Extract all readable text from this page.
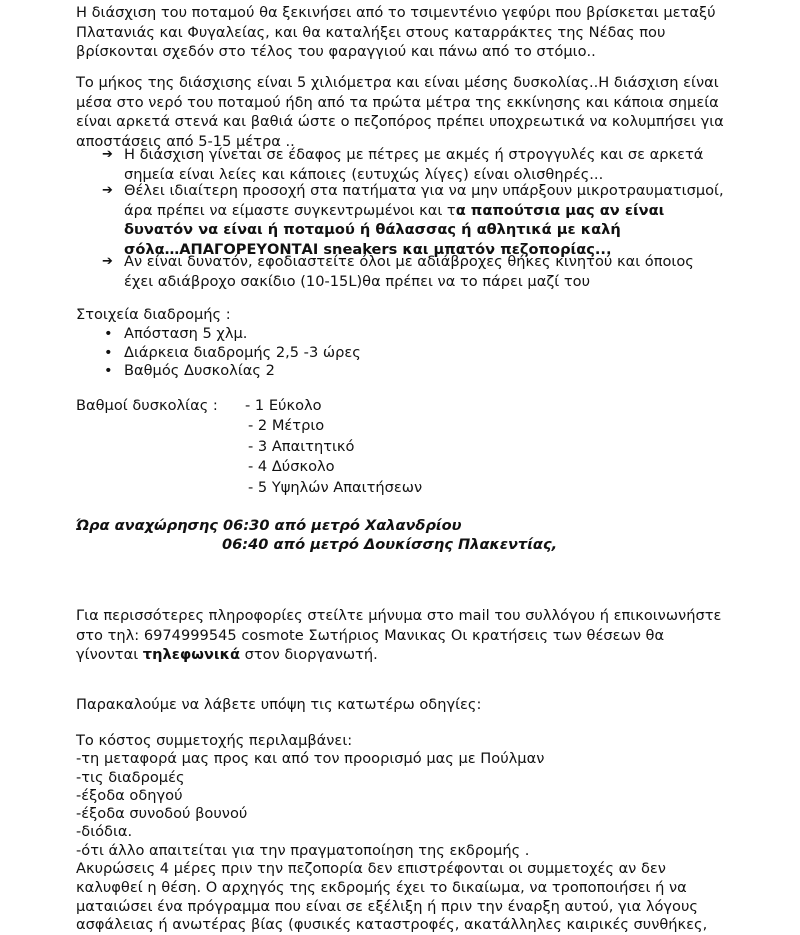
Η διάσχιση του ποταμού θα ξεκινήσει από το τσιμεντένιο γεφύρι που βρίσκεται μεταξύ
Πλατανιάς και Φυγαλείας, και θα καταλήξει στους καταρράκτες της Νέδας που
βρίσκονται σχεδόν στο τέλος του φαραγγιού και πάνω από το στόμιο..
Το μήκος της διάσχισης είναι 5 χιλιόμετρα και είναι μέσης δυσκολίας..Η διάσχιση είναι
μέσα στο νερό του ποταμού ήδη από τα πρώτα μέτρα της εκκίνησης και κάποια σημεία
είναι αρκετά στενά και βαθιά ώστε ο πεζοπόρος πρέπει υποχρεωτικά να κολυμπήσει για
αποστάσεις από 5-15 μέτρα ..
➔ Η διάσχιση γίνεται σε έδαφος με πέτρες με ακμές ή στρογγυλές και σε αρκετά
σημεία είναι λείες και κάποιες (ευτυχώς λίγες) είναι ολισθηρές...
➔ Θέλει ιδιαίτερη προσοχή στα πατήματα για να μην υπάρξουν μικροτραυματισμοί,
άρα πρέπει να είμαστε συγκεντρωμένοι και τα παπούτσια μας αν είναι
δυνατόν να είναι ή ποταμού ή θάλασσας ή αθλητικά με καλή
σόλα…ΑΠΑΓΟΡΕΥΟΝΤΑΙ sneakers και μπατόν πεζοπορίας...
➔ Αν είναι δυνατόν, εφοδιαστείτε όλοι με αδιάβροχες θήκες κινητού και όποιος
έχει αδιάβροχο σακίδιο (10-15L)θα πρέπει να το πάρει μαζί του
Στοιχεία διαδρομής :
• Απόσταση 5 χλμ.
• Διάρκεια διαδρομής 2,5 -3 ώρες
• Βαθμός Δυσκολίας 2
Βαθμοί δυσκολίας :	- 1 Εύκολο
- 2 Μέτριο
- 3 Απαιτητικό
- 4 Δύσκολο
- 5 Υψηλών Απαιτήσεων
Ώρα αναχώρησης 06:30 από μετρό Χαλανδρίου
06:40 από μετρό Δουκίσσης Πλακεντίας,
Για περισσότερες πληροφορίες στείλτε μήνυμα στο mail του συλλόγου ή επικοινωνήστε
στο τηλ: 6974999545 cosmote Σωτήριος Μανικας Οι κρατήσεις των θέσεων θα
γίνονται τηλεφωνικά στον διοργανωτή.
Παρακαλούμε να λάβετε υπόψη τις κατωτέρω οδηγίες:
Το κόστος συμμετοχής περιλαμβάνει:
-τη μεταφορά μας προς και από τον προορισμό μας με Πούλμαν
-τις διαδρομές
-έξοδα οδηγού
-έξοδα συνοδού βουνού
-διόδια.
-ότι άλλο απαιτείται για την πραγματοποίηση της εκδρομής .
Ακυρώσεις 4 μέρες πριν την πεζοπορία δεν επιστρέφονται οι συμμετοχές αν δεν
καλυφθεί η θέση. Ο αρχηγός της εκδρομής έχει το δικαίωμα, να τροποποιήσει ή να
ματαιώσει ένα πρόγραμμα που είναι σε εξέλιξη ή πριν την έναρξη αυτού, για λόγους
ασφάλειας ή ανωτέρας βίας (φυσικές καταστροφές, ακατάλληλες καιρικές συνθήκες,
